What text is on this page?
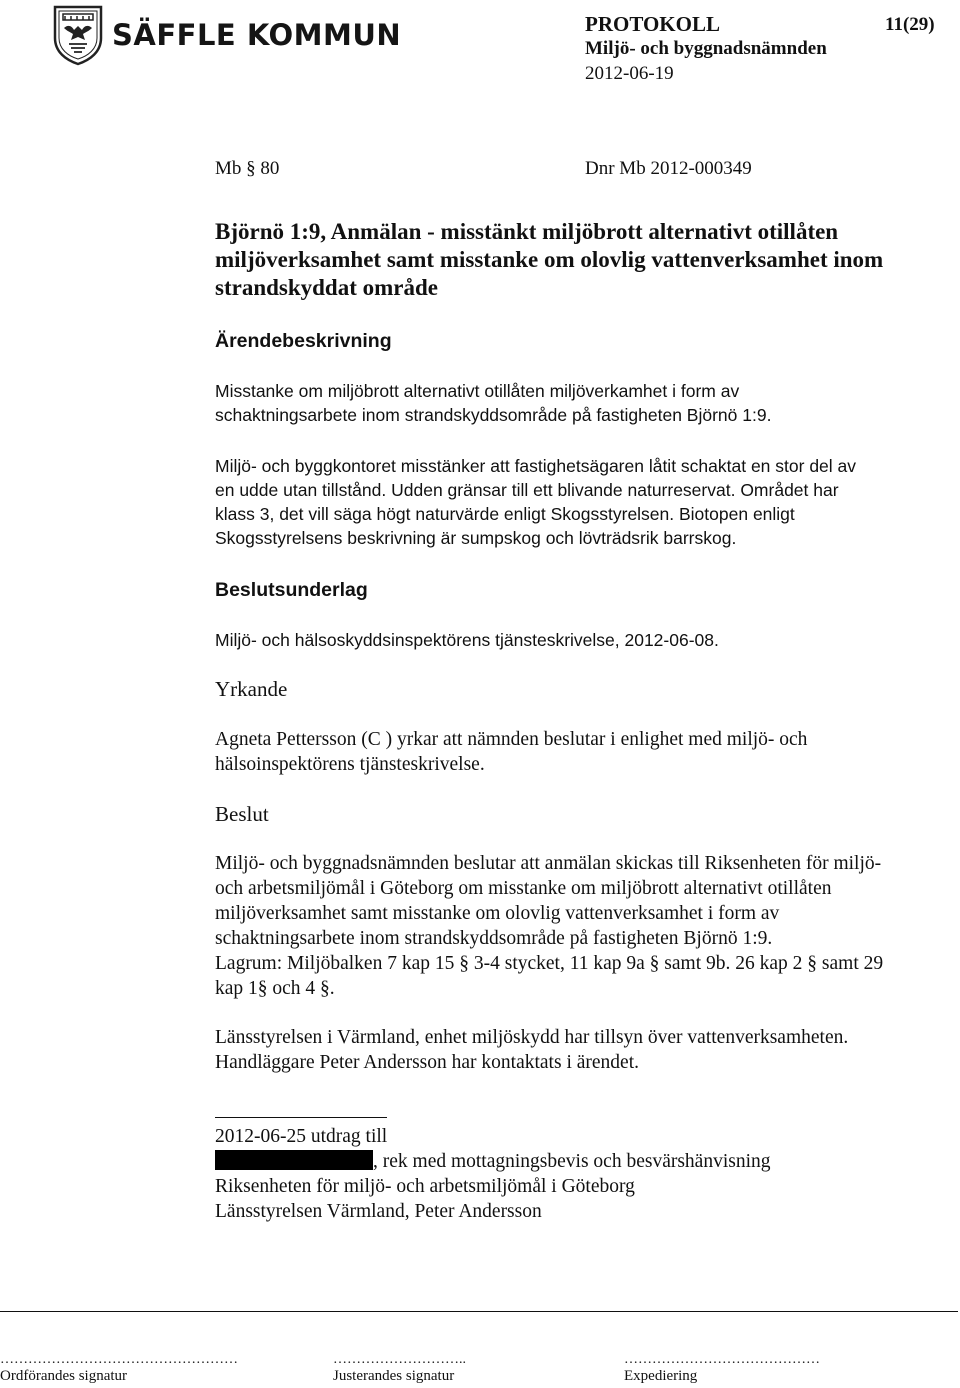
SÄFFLE KOMMUN	PROTOKOLL	11(29)
Miljö- och byggnadsnämnden
2012-06-19
Mb § 80	Dnr Mb 2012-000349
Björnö 1:9, Anmälan - misstänkt miljöbrott alternativt otillåten
miljöverksamhet samt misstanke om olovlig vattenverksamhet inom
strandskyddat område
Ärendebeskrivning

Misstanke om miljöbrott alternativt otillåten miljöverkamhet i form av

schaktningsarbete inom strandskyddsområde på fastigheten Björnö 1:9.

Miljö- och byggkontoret misstänker att fastighetsägaren låtit schaktat en stor del av

en udde utan tillstånd. Udden gränsar till ett blivande naturreservat. Området har

klass 3, det vill säga högt naturvärde enligt Skogsstyrelsen. Biotopen enligt

Skogsstyrelsens beskrivning är sumpskog och lövträdsrik barrskog.

Beslutsunderlag
Miljö- och hälsoskyddsinspektörens tjänsteskrivelse, 2012-06-08.
Yrkande

Agneta Pettersson (C ) yrkar att nämnden beslutar i enlighet med miljö- och

hälsoinspektörens tjänsteskrivelse.

Beslut

Miljö- och byggnadsnämnden beslutar att anmälan skickas till Riksenheten för miljö-

och arbetsmiljömål i Göteborg om misstanke om miljöbrott alternativt otillåten

miljöverksamhet samt misstanke om olovlig vattenverksamhet i form av

schaktningsarbete inom strandskyddsområde på fastigheten Björnö 1:9.

Lagrum: Miljöbalken 7 kap 15 § 3-4 stycket, 11 kap 9a § samt 9b. 26 kap 2 § samt 29

kap 1§ och 4 §.

Länsstyrelsen i Värmland, enhet miljöskydd har tillsyn över vattenverksamheten.

Handläggare Peter Andersson har kontaktats i ärendet.

2012-06-25 utdrag till

, rek med mottagningsbevis och besvärshänvisning

Riksenheten för miljö- och arbetsmiljömål i Göteborg

Länsstyrelsen Värmland, Peter Andersson

……………………………………………	………………………..	……………………………………
Ordförandes signatur	Justerandes signatur	Expediering
